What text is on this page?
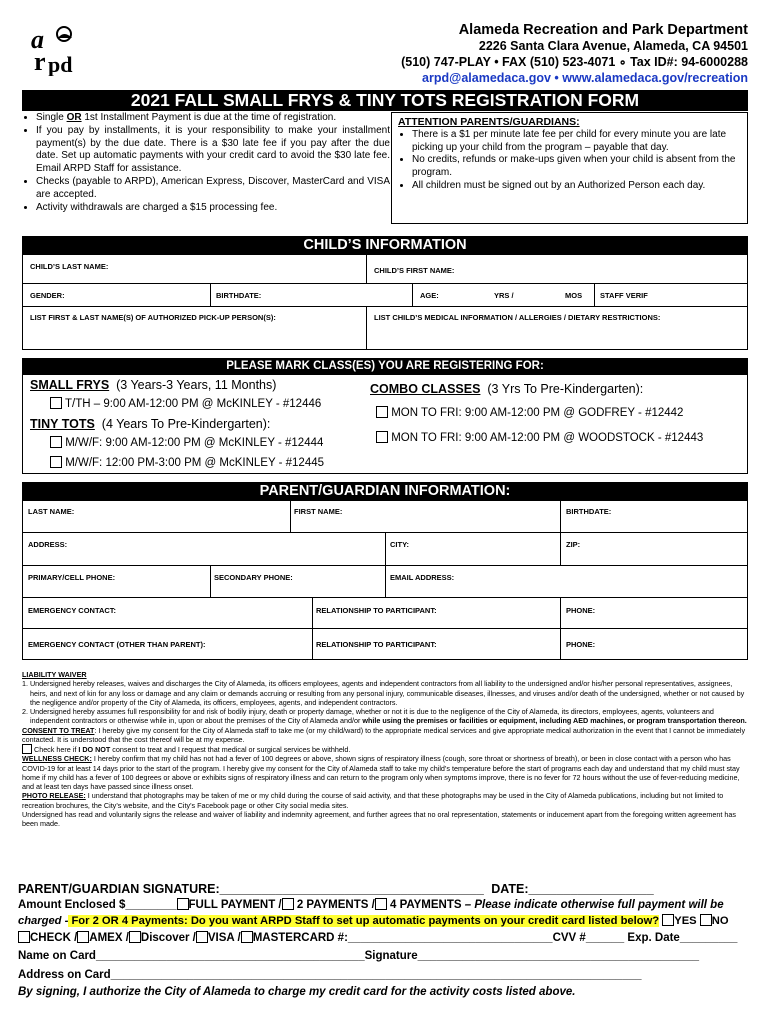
a
pd
r
Alameda Recreation and Park Department
2226 Santa Clara Avenue, Alameda, CA 94501
(510) 747-PLAY • FAX (510) 523-4071 ∘ Tax ID#: 94-6000288
arpd@alamedaca.gov • www.alamedaca.gov/recreation
2021 FALL SMALL FRYS & TINY TOTS REGISTRATION FORM
• Single OR 1st Installment Payment is due at the time of registration.
• If you pay by installments, it is your responsibility to make your installment payment(s) by the due date. There is a $30 late fee if you pay after the due date. Set up automatic payments with your credit card to avoid the $30 late fee. Email ARPD Staff for assistance.
• Checks (payable to ARPD), American Express, Discover, MasterCard and VISA are accepted.
• Activity withdrawals are charged a $15 processing fee.
ATTENTION PARENTS/GUARDIANS:
• There is a $1 per minute late fee per child for every minute you are late picking up your child from the program – payable that day.
• No credits, refunds or make-ups given when your child is absent from the program.
• All children must be signed out by an Authorized Person each day.
CHILD’S INFORMATION
CHILD’S LAST NAME:	CHILD’S FIRST NAME:
GENDER:	BIRTHDATE:	AGE:	YRS /	MOS STAFF VERIF
LIST FIRST & LAST NAME(S) OF AUTHORIZED PICK-UP PERSON(S):	LIST CHILD’S MEDICAL INFORMATION / ALLERGIES / DIETARY RESTRICTIONS:
PLEASE MARK CLASS(ES) YOU ARE REGISTERING FOR:
SMALL FRYS (3 Years-3 Years, 11 Months)
T/TH – 9:00 AM-12:00 PM @ McKINLEY - #12446
TINY TOTS (4 Years To Pre-Kindergarten):
M/W/F: 9:00 AM-12:00 PM @ McKINLEY - #12444
M/W/F: 12:00 PM-3:00 PM @ McKINLEY - #12445
COMBO CLASSES (3 Yrs To Pre-Kindergarten):
MON TO FRI: 9:00 AM-12:00 PM @ GODFREY - #12442
MON TO FRI: 9:00 AM-12:00 PM @ WOODSTOCK - #12443
PARENT/GUARDIAN INFORMATION:
LAST NAME:	FIRST NAME:	BIRTHDATE:
ADDRESS:	CITY:	ZIP:
PRIMARY/CELL PHONE:	SECONDARY PHONE:	EMAIL ADDRESS:
EMERGENCY CONTACT:	RELATIONSHIP TO PARTICIPANT:	PHONE:
EMERGENCY CONTACT (OTHER THAN PARENT):	RELATIONSHIP TO PARTICIPANT:	PHONE:

LIABILITY WAIVER

1. Undersigned hereby releases, waives and discharges the City of Alameda, its officers employees, agents and independent contractors from all liability to the undersigned and/or his/her personal representatives, assignees, heirs, and next of kin for any loss or damage and any claim or demands accruing or resulting from any personal injury, communicable diseases, illnesses, and viruses and/or death of the undersigned, whether or not caused by the negligence and/or property of the City of Alameda, its officers, employees, agents, and independent contractors.

2. Undersigned hereby assumes full responsibility for and risk of bodily injury, death or property damage, whether or not it is due to the negligence of the City of Alameda, its directors, employees, agents, volunteers and independent contractors or otherwise while in, upon or about the premises of the City of Alameda and/or while using the premises or facilities or equipment, including AED machines, or program transportation thereon.

CONSENT TO TREAT: I hereby give my consent for the City of Alameda staff to take me (or my child/ward) to the appropriate medical services and give appropriate medical authorization in the event that I cannot be immediately contacted. It is understood that the cost thereof will be at my expense.

Check here if I DO NOT consent to treat and I request that medical or surgical services be withheld.

WELLNESS CHECK: I hereby confirm that my child has not had a fever of 100 degrees or above, shown signs of respiratory illness (cough, sore throat or shortness of breath), or been in close contact with a person who has COVID-19 for at least 14 days prior to the start of the program. I hereby give my consent for the City of Alameda staff to take my child’s temperature before the start of programs each day and understand that my child must stay home if my child has a fever of 100 degrees or above or exhibits signs of respiratory illness and can return to the program only when symptoms improve, there is no fever for 72 hours without the use of fever-reducing medicine, and at least ten days have passed since illness onset.

PHOTO RELEASE: I understand that photographs may be taken of me or my child during the course of said activity, and that these photographs may be used in the City of Alameda publications, including but not limited to recreation brochures, the City’s website, and the City’s Facebook page or other City social media sites.

Undersigned has read and voluntarily signs the release and waiver of liability and indemnity agreement, and further agrees that no oral representation, statements or inducement apart from the foregoing written agreement has been made.

PARENT/GUARDIAN SIGNATURE:______________________________________ DATE:__________________
Amount Enclosed $________ FULL PAYMENT / 2 PAYMENTS / 4 PAYMENTS – Please indicate otherwise full payment will be
charged - For 2 OR 4 Payments: Do you want ARPD Staff to set up automatic payments on your credit card listed below? YES NO
CHECK / AMEX / Discover / VISA / MASTERCARD #:________________________________CVV #______ Exp. Date_________
Name on Card__________________________________________Signature____________________________________________
Address on Card___________________________________________________________________________________
By signing, I authorize the City of Alameda to charge my credit card for the activity costs listed above.
